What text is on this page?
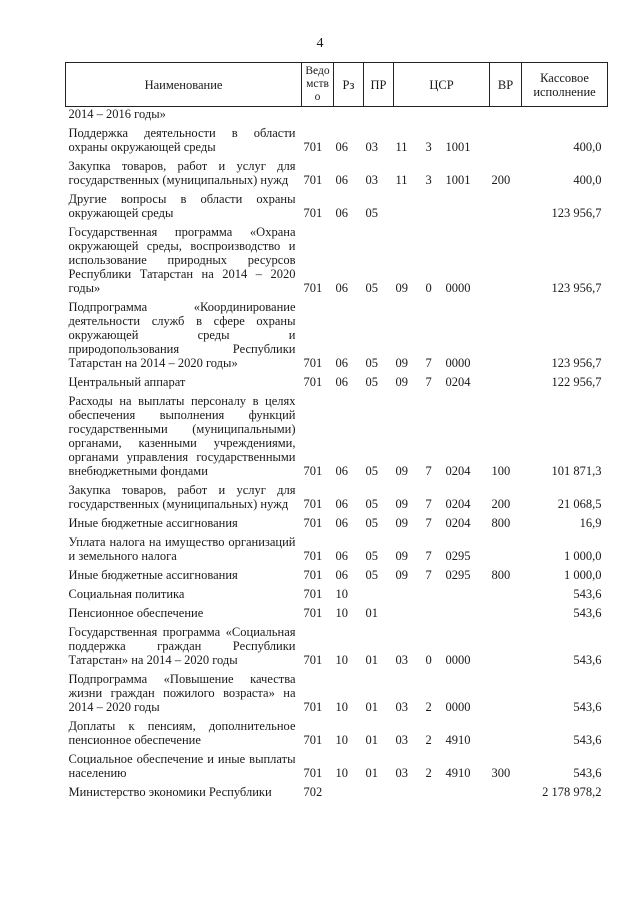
4
Наименование	Ведомство	Рз	ПР	ЦСР			ВР	Кассовое исполнение
2014 – 2016 годы»								
Поддержка деятельности в области охраны окружающей среды	701	06	03	11	3	1001		400,0
Закупка товаров, работ и услуг для государственных (муниципальных) нужд	701	06	03	11	3	1001	200	400,0
Другие вопросы в области охраны окружающей среды	701	06	05					123 956,7
Государственная программа «Охрана окружающей среды, воспроизводство и использование природных ресурсов Республики Татарстан на 2014 – 2020 годы»	701	06	05	09	0	0000		123 956,7
Подпрограмма «Координирование деятельности служб в сфере охраны окружающей среды и природопользования Республики Татарстан на 2014 – 2020 годы»	701	06	05	09	7	0000		123 956,7
Центральный аппарат	701	06	05	09	7	0204		122 956,7
Расходы на выплаты персоналу в целях обеспечения выполнения функций государственными (муниципальными) органами, казенными учреждениями, органами управления государственными внебюджетными фондами	701	06	05	09	7	0204	100	101 871,3
Закупка товаров, работ и услуг для государственных (муниципальных) нужд	701	06	05	09	7	0204	200	21 068,5
Иные бюджетные ассигнования	701	06	05	09	7	0204	800	16,9
Уплата налога на имущество организаций и земельного налога	701	06	05	09	7	0295		1 000,0
Иные бюджетные ассигнования	701	06	05	09	7	0295	800	1 000,0
Социальная политика	701	10						543,6
Пенсионное обеспечение	701	10	01					543,6
Государственная программа «Социальная поддержка граждан Республики Татарстан» на 2014 – 2020 годы	701	10	01	03	0	0000		543,6
Подпрограмма «Повышение качества жизни граждан пожилого возраста» на 2014 – 2020 годы	701	10	01	03	2	0000		543,6
Доплаты к пенсиям, дополнительное пенсионное обеспечение	701	10	01	03	2	4910		543,6
Социальное обеспечение и иные выплаты населению	701	10	01	03	2	4910	300	543,6
Министерство экономики Республики	702							2 178 978,2
